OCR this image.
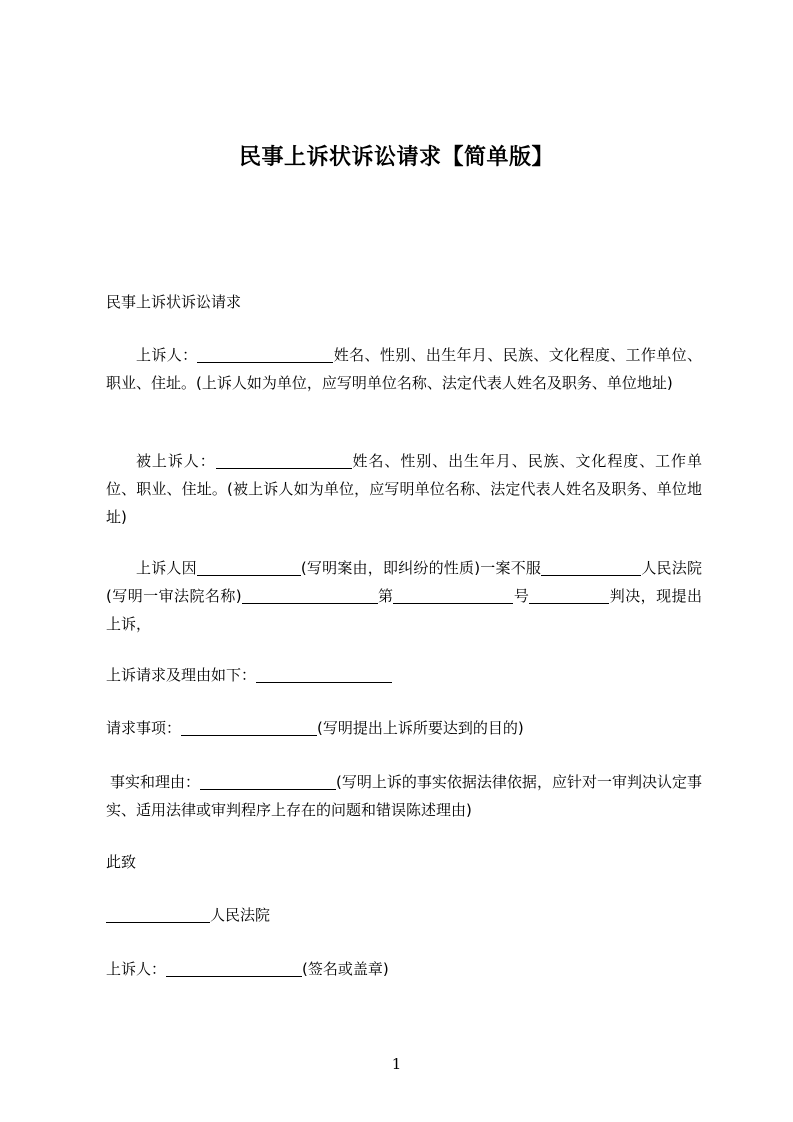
民事上诉状诉讼请求【简单版】
民事上诉状诉讼请求
上诉人：	姓名、性别、出生年月、民族、文化程度、工作单位、职业、住址。(上诉人如为单位，应写明单位名称、法定代表人姓名及职务、单位地址)
被上诉人：	姓名、性别、出生年月、民族、文化程度、工作单位、职业、住址。(被上诉人如为单位，应写明单位名称、法定代表人姓名及职务、单位地址)
上诉人因	(写明案由，即纠纷的性质)一案不服	人民法院(写明一审法院名称)	第	号	判决，现提出上诉，
上诉请求及理由如下：
请求事项：	(写明提出上诉所要达到的目的)
事实和理由：	(写明上诉的事实依据法律依据，应针对一审判决认定事实、适用法律或审判程序上存在的问题和错误陈述理由)
此致
人民法院
上诉人：	(签名或盖章)
1
